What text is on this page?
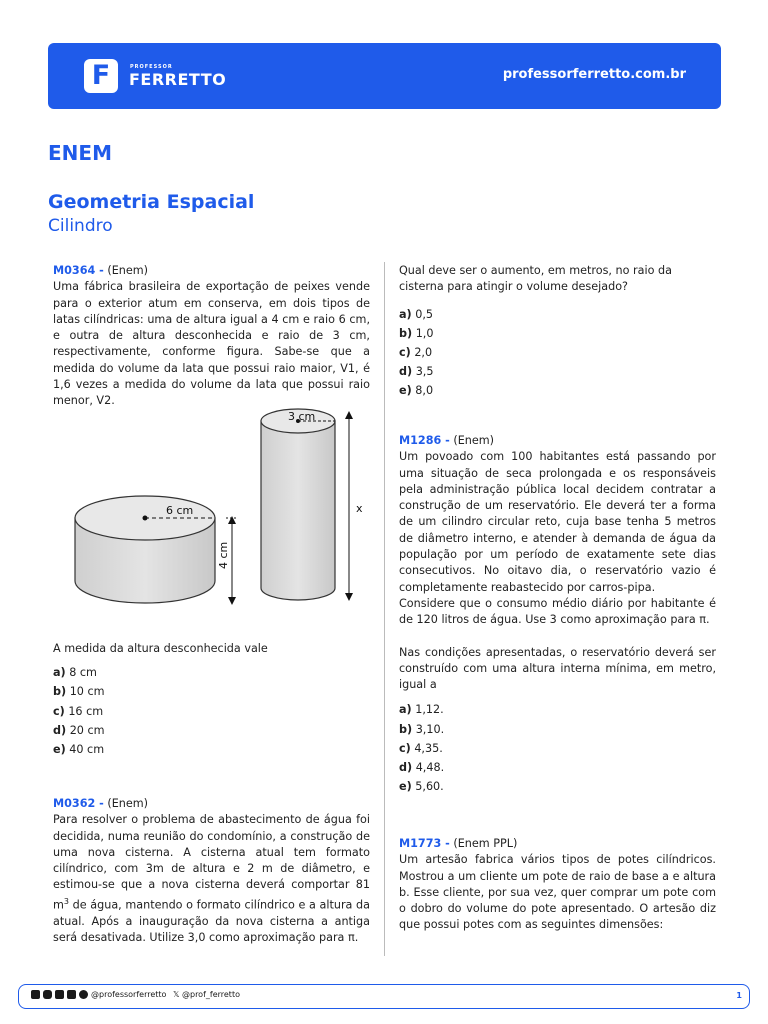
F	PROFESSOR
FERRETTO	professorferretto.com.br
ENEM
Geometria Espacial
Cilindro

M0364 - (Enem)

Uma fábrica brasileira de exportação de peixes vende para o exterior atum em conserva, em dois tipos de latas cilíndricas: uma de altura igual a 4 cm e raio 6 cm, e outra de altura desconhecida e raio de 3 cm, respectivamente, conforme figura. Sabe-se que a medida do volume da lata que possui raio maior, V1, é 1,6 vezes a medida do volume da lata que possui raio menor, V2.

6 cm
4 cm
3 cm
x

A medida da altura desconhecida vale

a) 8 cm
b) 10 cm
c) 16 cm
d) 20 cm
e) 40 cm

M0362 - (Enem)

Para resolver o problema de abastecimento de água foi decidida, numa reunião do condomínio, a construção de uma nova cisterna. A cisterna atual tem formato cilíndrico, com 3m de altura e 2 m de diâmetro, e estimou-se que a nova cisterna deverá comportar 81 $m^3$ de água, mantendo o formato cilíndrico e a altura da atual. Após a inauguração da nova cisterna a antiga será desativada. Utilize 3,0 como aproximação para π.

Qual deve ser o aumento, em metros, no raio da cisterna para atingir o volume desejado?

a) 0,5
b) 1,0
c) 2,0
d) 3,5
e) 8,0

M1286 - (Enem)

Um povoado com 100 habitantes está passando por uma situação de seca prolongada e os responsáveis pela administração pública local decidem contratar a construção de um reservatório. Ele deverá ter a forma de um cilindro circular reto, cuja base tenha 5 metros de diâmetro interno, e atender à demanda de água da população por um período de exatamente sete dias consecutivos. No oitavo dia, o reservatório vazio é completamente reabastecido por carros-pipa.

Considere que o consumo médio diário por habitante é de 120 litros de água. Use 3 como aproximação para π.

Nas condições apresentadas, o reservatório deverá ser construído com uma altura interna mínima, em metro, igual a

a) 1,12.
b) 3,10.
c) 4,35.
d) 4,48.
e) 5,60.

M1773 - (Enem PPL)

Um artesão fabrica vários tipos de potes cilíndricos. Mostrou a um cliente um pote de raio de base a e altura b. Esse cliente, por sua vez, quer comprar um pote com o dobro do volume do pote apresentado. O artesão diz que possui potes com as seguintes dimensões:

@professorferretto 𝕏 @prof_ferretto	1
